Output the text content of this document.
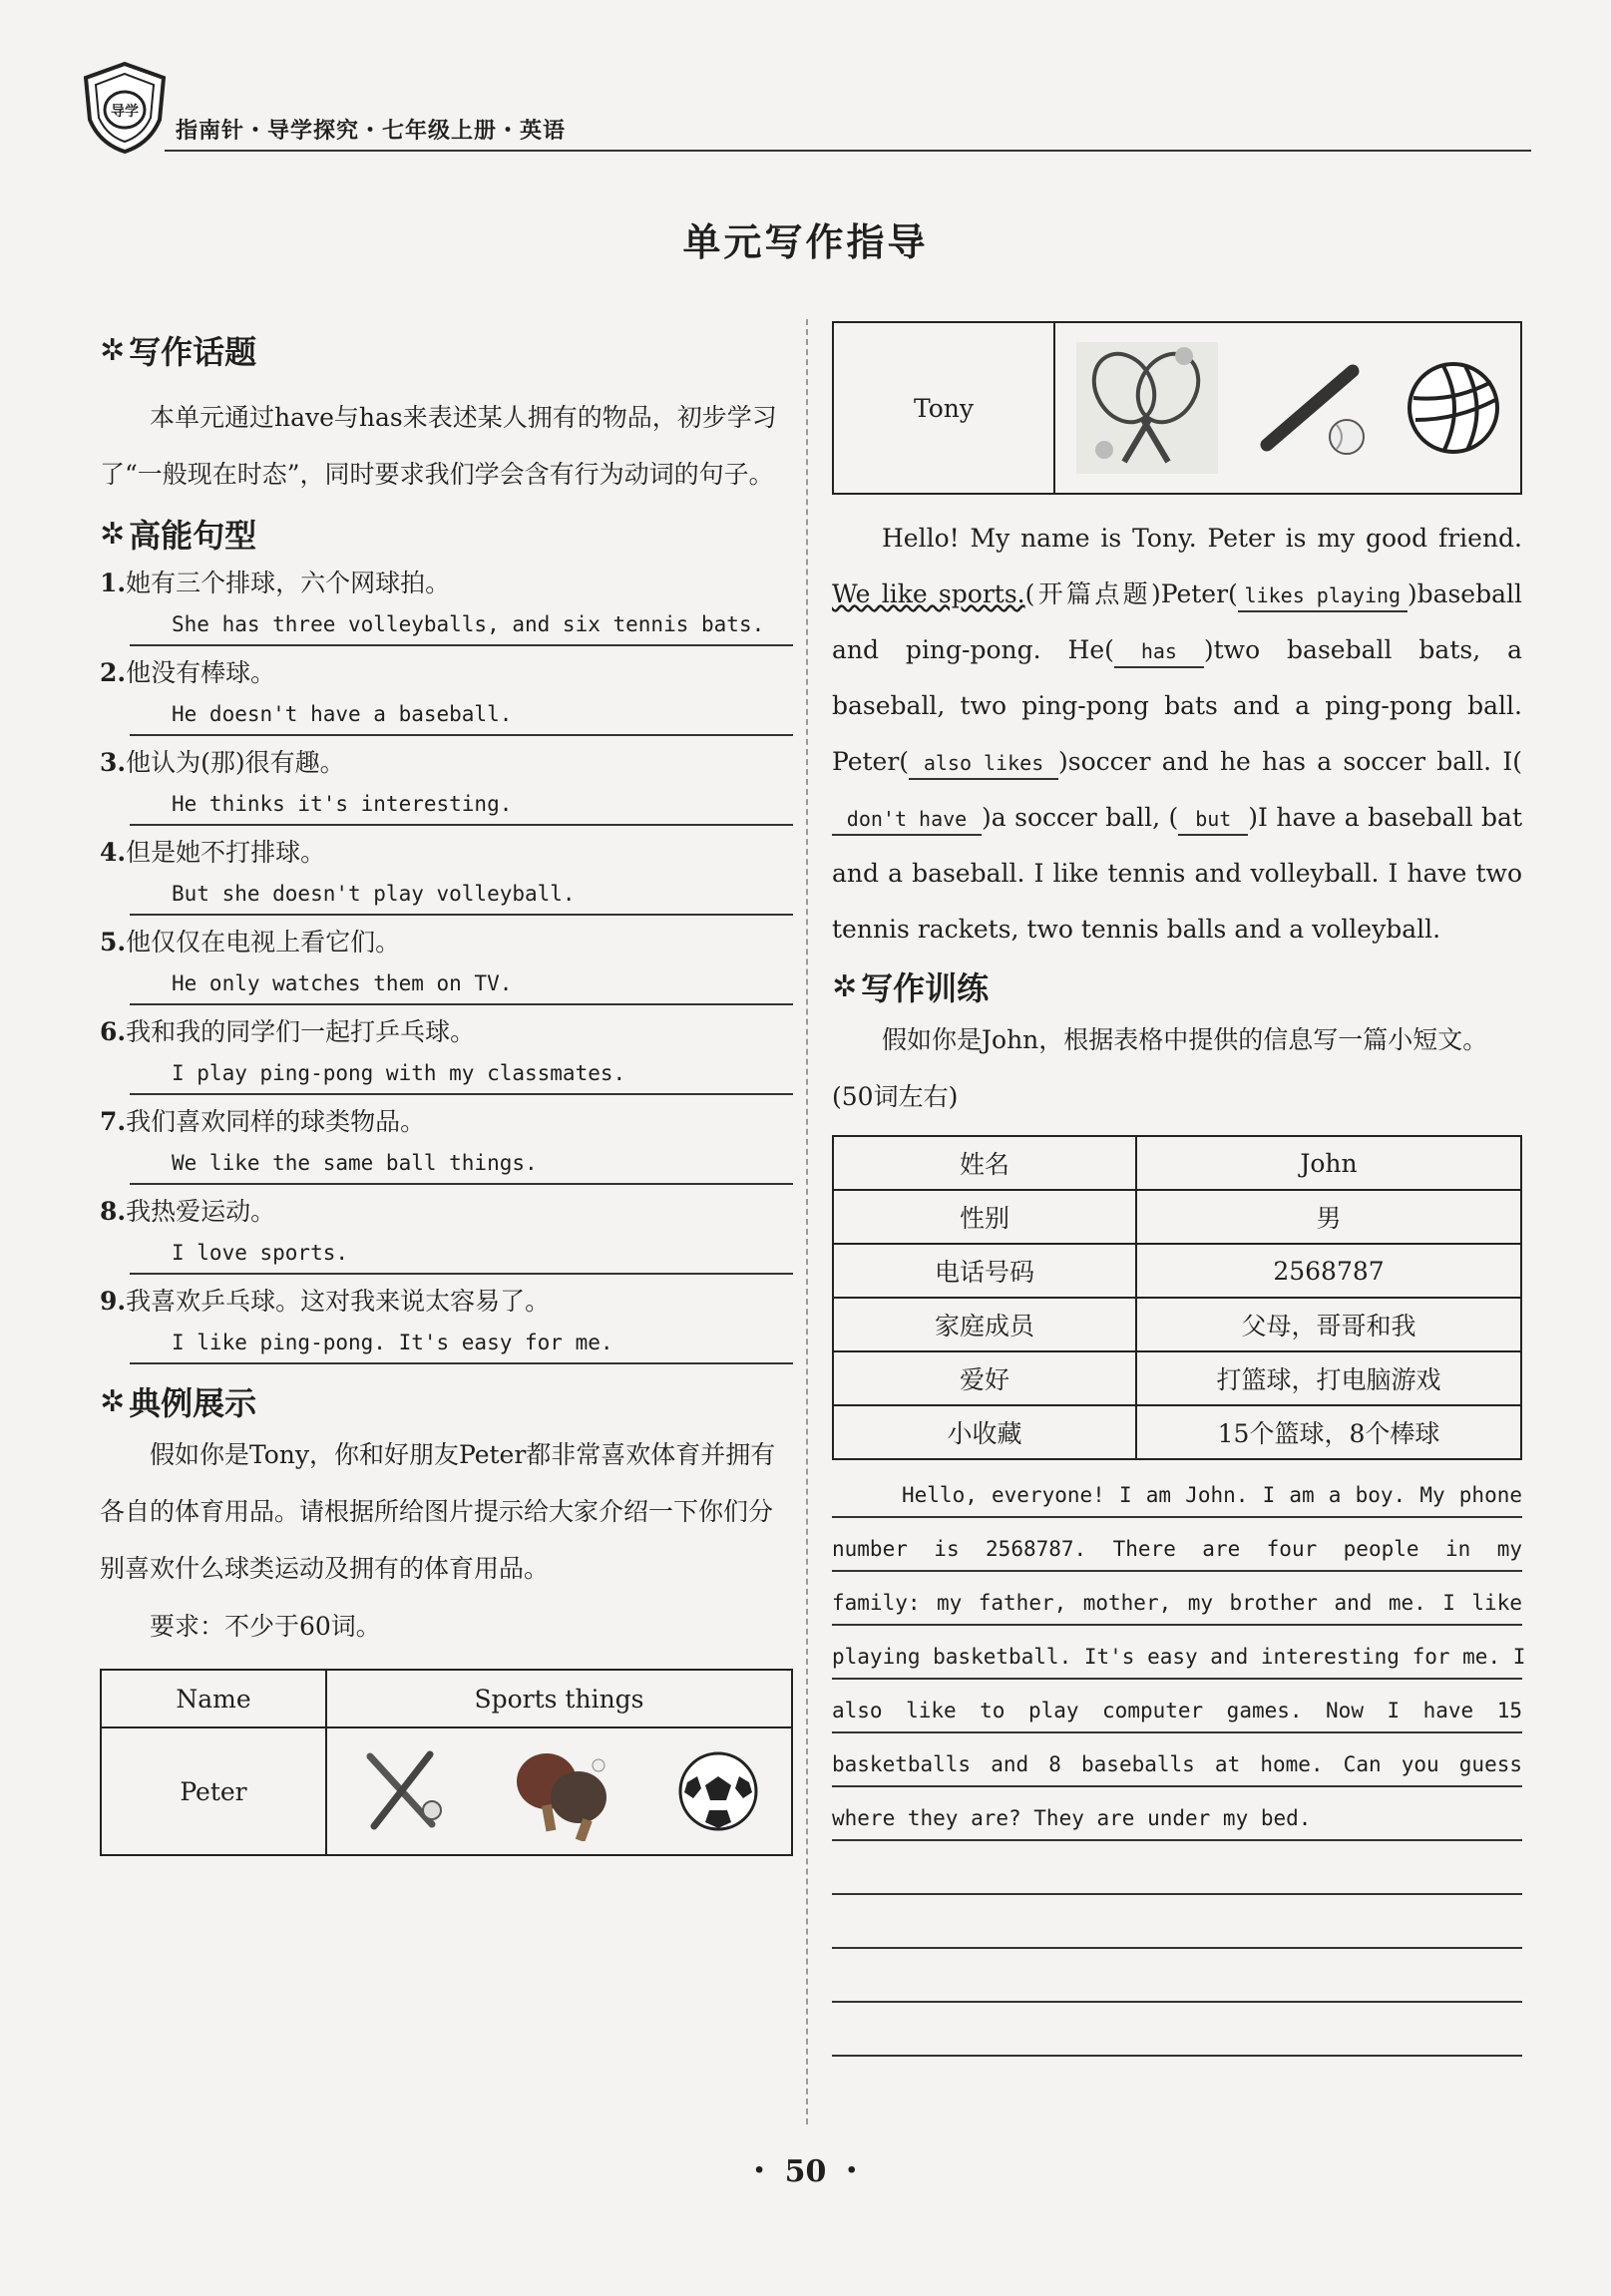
导学
指南针・导学探究・七年级上册・英语
单元写作指导
✲ 写作话题

本单元通过have与has来表述某人拥有的物品，初步学习了“一般现在时态”，同时要求我们学会含有行为动词的句子。

✲ 高能句型
1.她有三个排球，六个网球拍。
She has three volleyballs, and six tennis bats.
2.他没有棒球。
He doesn't have a baseball.
3.他认为(那)很有趣。
He thinks it's interesting.
4.但是她不打排球。
But she doesn't play volleyball.
5.他仅仅在电视上看它们。
He only watches them on TV.
6.我和我的同学们一起打乒乓球。
I play ping-pong with my classmates.
7.我们喜欢同样的球类物品。
We like the same ball things.
8.我热爱运动。
I love sports.
9.我喜欢乒乓球。这对我来说太容易了。
I like ping-pong. It's easy for me.
✲ 典例展示

假如你是Tony，你和好朋友Peter都非常喜欢体育并拥有各自的体育用品。请根据所给图片提示给大家介绍一下你们分别喜欢什么球类运动及拥有的体育用品。

要求：不少于60词。

Name	Sports things
Peter	
Tony	
Hello! My name is Tony. Peter is my good friend. We like sports.(开篇点题)Peter( likes playing )baseball and ping-pong. He( has )two baseball bats, a baseball, two ping-pong bats and a ping-pong ball. Peter( also likes )soccer and he has a soccer ball. I(don't have )a soccer ball, ( but )I have a baseball bat and a baseball. I like tennis and volleyball. I have two tennis rackets, two tennis balls and a volleyball.
✲ 写作训练

假如你是John，根据表格中提供的信息写一篇小短文。(50词左右)

姓名	John
性别	男
电话号码	2568787
家庭成员	父母，哥哥和我
爱好	打篮球，打电脑游戏
小收藏	15个篮球，8个棒球
Hello, everyone! I am John. I am a boy. My phone
number is 2568787. There are four people in my
family: my father, mother, my brother and me. I like
playing basketball. It's easy and interesting for me. I
also like to play computer games. Now I have 15
basketballs and 8 baseballs at home. Can you guess
where they are? They are under my bed.
・ 50 ・
